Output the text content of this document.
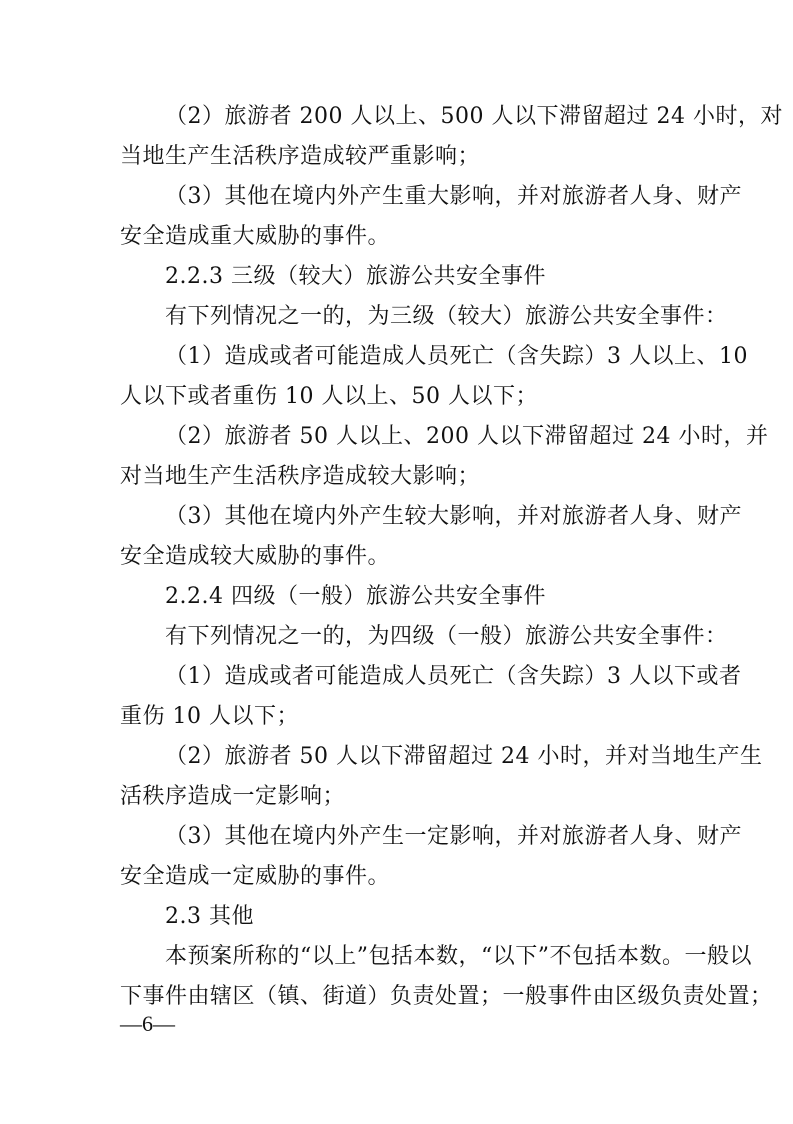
（2）旅游者 200 人以上、500 人以下滞留超过 24 小时，对
当地生产生活秩序造成较严重影响；
（3）其他在境内外产生重大影响，并对旅游者人身、财产
安全造成重大威胁的事件。
2.2.3 三级（较大）旅游公共安全事件
有下列情况之一的，为三级（较大）旅游公共安全事件：
（1）造成或者可能造成人员死亡（含失踪）3 人以上、10
人以下或者重伤 10 人以上、50 人以下；
（2）旅游者 50 人以上、200 人以下滞留超过 24 小时，并
对当地生产生活秩序造成较大影响；
（3）其他在境内外产生较大影响，并对旅游者人身、财产
安全造成较大威胁的事件。
2.2.4 四级（一般）旅游公共安全事件
有下列情况之一的，为四级（一般）旅游公共安全事件：
（1）造成或者可能造成人员死亡（含失踪）3 人以下或者
重伤 10 人以下；
（2）旅游者 50 人以下滞留超过 24 小时，并对当地生产生
活秩序造成一定影响；
（3）其他在境内外产生一定影响，并对旅游者人身、财产
安全造成一定威胁的事件。
2.3 其他
本预案所称的“以上”包括本数，“以下”不包括本数。一般以
下事件由辖区（镇、街道）负责处置；一般事件由区级负责处置；
—6—
